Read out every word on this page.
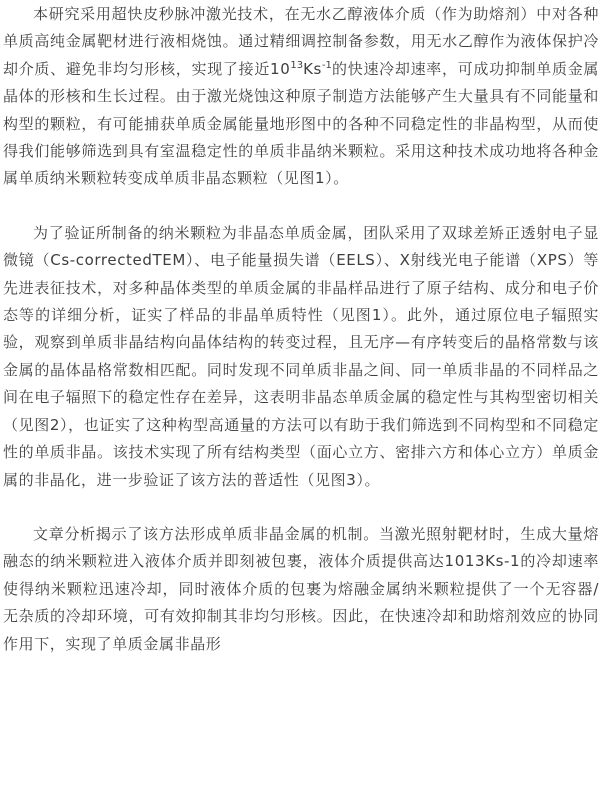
本研究采用超快皮秒脉冲激光技术，在无水乙醇液体介质（作为助熔剂）中对各种单质高纯金属靶材进行液相烧蚀。通过精细调控制备参数，用无水乙醇作为液体保护冷却介质、避免非均匀形核，实现了接近$10^{13}Ks^{-1}$的快速冷却速率，可成功抑制单质金属晶体的形核和生长过程。由于激光烧蚀这种原子制造方法能够产生大量具有不同能量和构型的颗粒，有可能捕获单质金属能量地形图中的各种不同稳定性的非晶构型，从而使得我们能够筛选到具有室温稳定性的单质非晶纳米颗粒。采用这种技术成功地将各种金属单质纳米颗粒转变成单质非晶态颗粒（见图1）。

为了验证所制备的纳米颗粒为非晶态单质金属，团队采用了双球差矫正透射电子显微镜（Cs-correctedTEM）、电子能量损失谱（EELS）、X射线光电子能谱（XPS）等先进表征技术，对多种晶体类型的单质金属的非晶样品进行了原子结构、成分和电子价态等的详细分析，证实了样品的非晶单质特性（见图1）。此外，通过原位电子辐照实验，观察到单质非晶结构向晶体结构的转变过程，且无序—有序转变后的晶格常数与该金属的晶体晶格常数相匹配。同时发现不同单质非晶之间、同一单质非晶的不同样品之间在电子辐照下的稳定性存在差异，这表明非晶态单质金属的稳定性与其构型密切相关（见图2），也证实了这种构型高通量的方法可以有助于我们筛选到不同构型和不同稳定性的单质非晶。该技术实现了所有结构类型（面心立方、密排六方和体心立方）单质金属的非晶化，进一步验证了该方法的普适性（见图3）。

文章分析揭示了该方法形成单质非晶金属的机制。当激光照射靶材时，生成大量熔融态的纳米颗粒进入液体介质并即刻被包裹，液体介质提供高达1013Ks-1的冷却速率使得纳米颗粒迅速冷却，同时液体介质的包裹为熔融金属纳米颗粒提供了一个无容器/无杂质的冷却环境，可有效抑制其非均匀形核。因此，在快速冷却和助熔剂效应的协同作用下，实现了单质金属非晶形
